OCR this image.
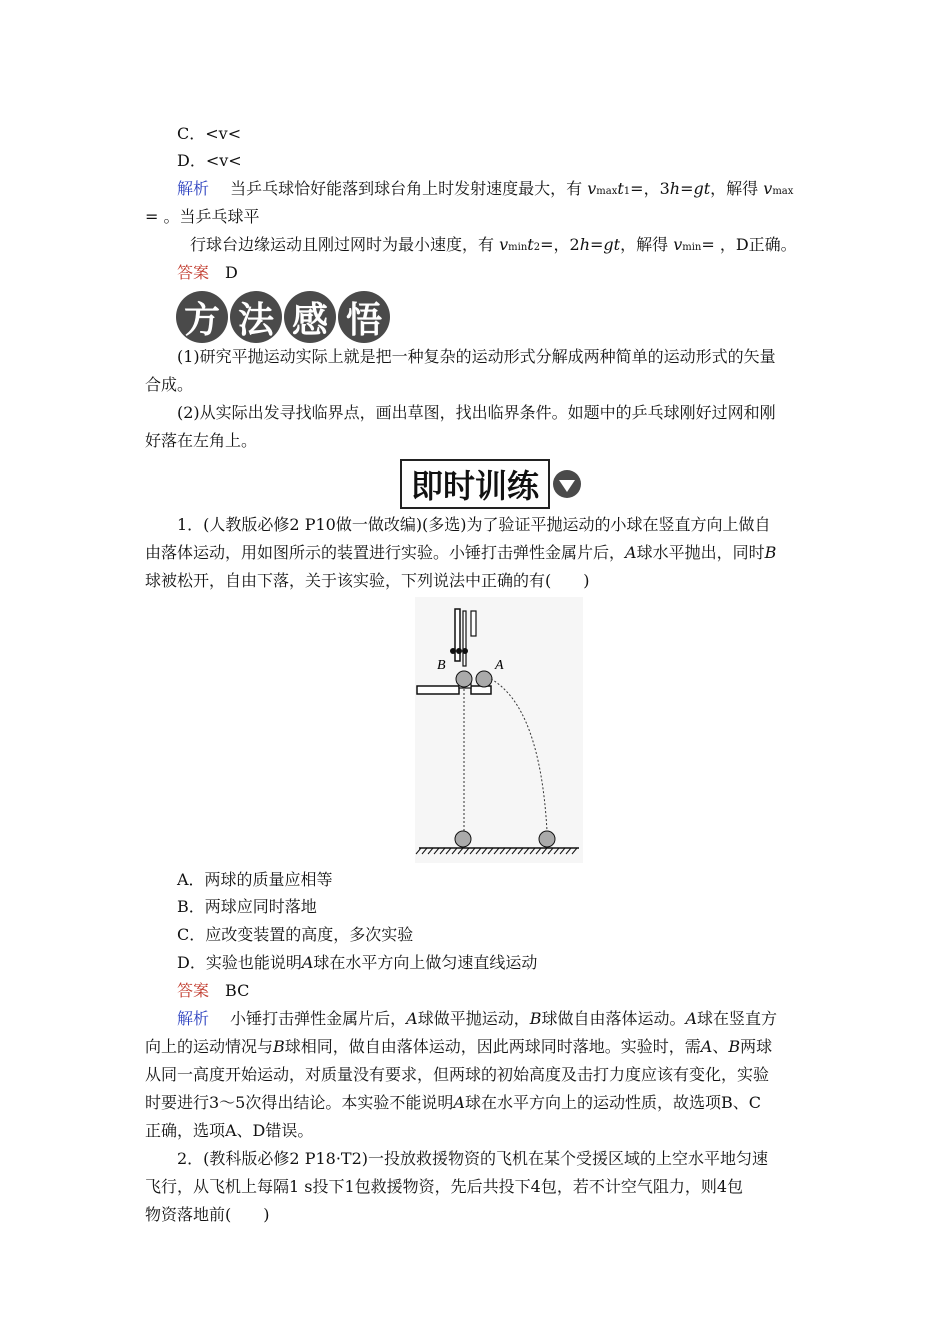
C．<v<
D．<v<
解析　 当乒乓球恰好能落到球台角上时发射速度最大，有 vmaxt1=，3h=gt，解得 vmax
= 。当乒乓球平
行球台边缘运动且刚过网时为最小速度，有 vmint2=，2h=gt，解得 vmin= ，D正确。
答案　 D
方 法 感 悟
(1)研究平抛运动实际上就是把一种复杂的运动形式分解成两种简单的运动形式的矢量
合成。
(2)从实际出发寻找临界点，画出草图，找出临界条件。如题中的乒乓球刚好过网和刚
好落在左角上。
即时训练
1．(人教版必修2 P10做一做改编)(多选)为了验证平抛运动的小球在竖直方向上做自
由落体运动，用如图所示的装置进行实验。小锤打击弹性金属片后，A球水平抛出，同时B
球被松开，自由下落，关于该实验，下列说法中正确的有(　　)
B	A
A．两球的质量应相等
B．两球应同时落地
C．应改变装置的高度，多次实验
D．实验也能说明A球在水平方向上做匀速直线运动
答案　 BC
解析　 小锤打击弹性金属片后，A球做平抛运动，B球做自由落体运动。A球在竖直方
向上的运动情况与B球相同，做自由落体运动，因此两球同时落地。实验时，需A、B两球
从同一高度开始运动，对质量没有要求，但两球的初始高度及击打力度应该有变化，实验
时要进行3～5次得出结论。本实验不能说明A球在水平方向上的运动性质，故选项B、C
正确，选项A、D错误。
2．(教科版必修2 P18·T2)一投放救援物资的飞机在某个受援区域的上空水平地匀速
飞行，从飞机上每隔1 s投下1包救援物资，先后共投下4包，若不计空气阻力，则4包
物资落地前(　　)
